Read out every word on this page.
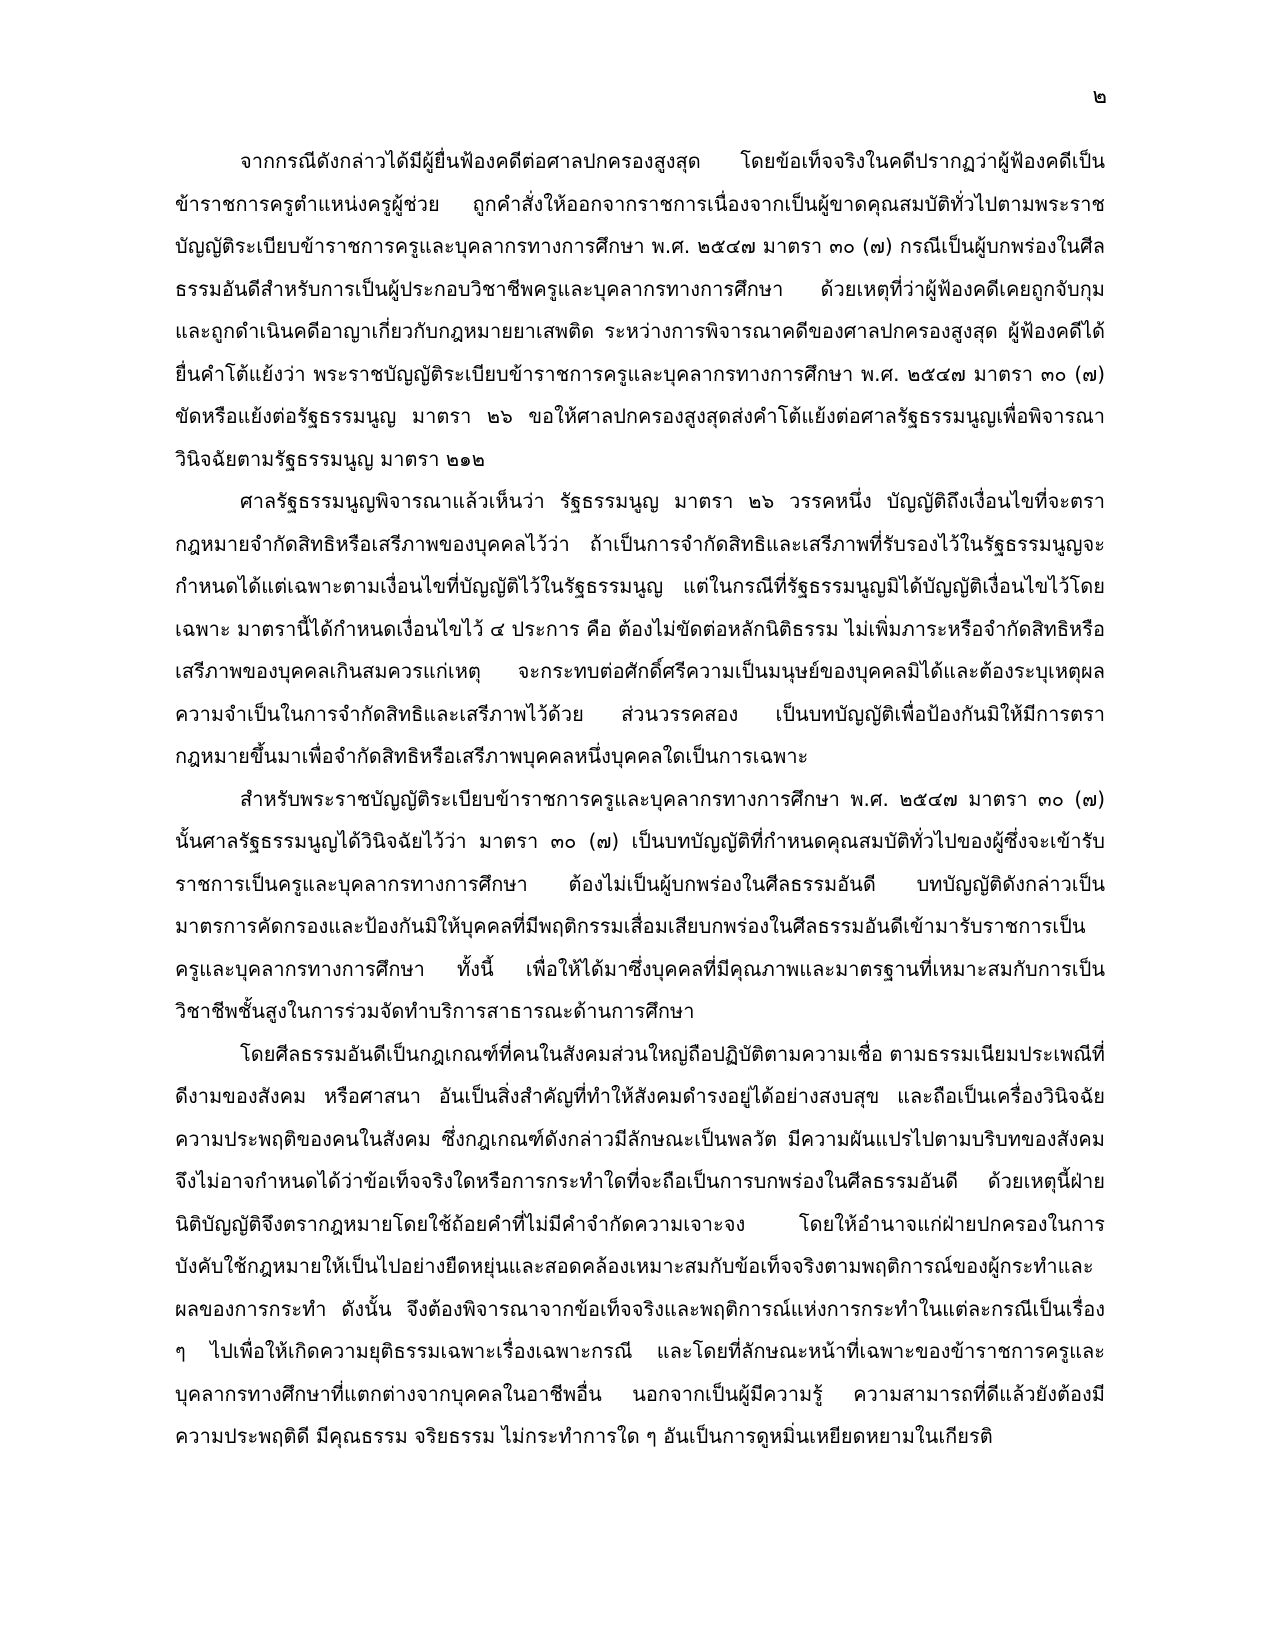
๒

จากกรณีดังกล่าวได้มีผู้ยื่นฟ้องคดีต่อศาลปกครองสูงสุด โดยข้อเท็จจริงในคดีปรากฏว่าผู้ฟ้องคดีเป็นข้าราชการครูตำแหน่งครูผู้ช่วย ถูกคำสั่งให้ออกจากราชการเนื่องจากเป็นผู้ขาดคุณสมบัติทั่วไปตามพระราชบัญญัติระเบียบข้าราชการครูและบุคลากรทางการศึกษา พ.ศ. ๒๕๔๗ มาตรา ๓๐ (๗) กรณีเป็นผู้บกพร่องในศีลธรรมอันดีสำหรับการเป็นผู้ประกอบวิชาชีพครูและบุคลากรทางการศึกษา ด้วยเหตุที่ว่าผู้ฟ้องคดีเคยถูกจับกุมและถูกดำเนินคดีอาญาเกี่ยวกับกฎหมายยาเสพติด ระหว่างการพิจารณาคดีของศาลปกครองสูงสุด ผู้ฟ้องคดีได้ยื่นคำโต้แย้งว่า พระราชบัญญัติระเบียบข้าราชการครูและบุคลากรทางการศึกษา พ.ศ. ๒๕๔๗ มาตรา ๓๐ (๗) ขัดหรือแย้งต่อรัฐธรรมนูญ มาตรา ๒๖ ขอให้ศาลปกครองสูงสุดส่งคำโต้แย้งต่อศาลรัฐธรรมนูญเพื่อพิจารณาวินิจฉัยตามรัฐธรรมนูญ มาตรา ๒๑๒

ศาลรัฐธรรมนูญพิจารณาแล้วเห็นว่า รัฐธรรมนูญ มาตรา ๒๖ วรรคหนึ่ง บัญญัติถึงเงื่อนไขที่จะตรากฎหมายจำกัดสิทธิหรือเสรีภาพของบุคคลไว้ว่า ถ้าเป็นการจำกัดสิทธิและเสรีภาพที่รับรองไว้ในรัฐธรรมนูญจะกำหนดได้แต่เฉพาะตามเงื่อนไขที่บัญญัติไว้ในรัฐธรรมนูญ แต่ในกรณีที่รัฐธรรมนูญมิได้บัญญัติเงื่อนไขไว้โดยเฉพาะ มาตรานี้ได้กำหนดเงื่อนไขไว้ ๔ ประการ คือ ต้องไม่ขัดต่อหลักนิติธรรม ไม่เพิ่มภาระหรือจำกัดสิทธิหรือเสรีภาพของบุคคลเกินสมควรแก่เหตุ จะกระทบต่อศักดิ์ศรีความเป็นมนุษย์ของบุคคลมิได้และต้องระบุเหตุผลความจำเป็นในการจำกัดสิทธิและเสรีภาพไว้ด้วย ส่วนวรรคสอง เป็นบทบัญญัติเพื่อป้องกันมิให้มีการตรากฎหมายขึ้นมาเพื่อจำกัดสิทธิหรือเสรีภาพบุคคลหนึ่งบุคคลใดเป็นการเฉพาะ

สำหรับพระราชบัญญัติระเบียบข้าราชการครูและบุคลากรทางการศึกษา พ.ศ. ๒๕๔๗ มาตรา ๓๐ (๗) นั้นศาลรัฐธรรมนูญได้วินิจฉัยไว้ว่า มาตรา ๓๐ (๗) เป็นบทบัญญัติที่กำหนดคุณสมบัติทั่วไปของผู้ซึ่งจะเข้ารับราชการเป็นครูและบุคลากรทางการศึกษา ต้องไม่เป็นผู้บกพร่องในศีลธรรมอันดี บทบัญญัติดังกล่าวเป็นมาตรการคัดกรองและป้องกันมิให้บุคคลที่มีพฤติกรรมเสื่อมเสียบกพร่องในศีลธรรมอันดีเข้ามารับราชการเป็นครูและบุคลากรทางการศึกษา ทั้งนี้ เพื่อให้ได้มาซึ่งบุคคลที่มีคุณภาพและมาตรฐานที่เหมาะสมกับการเป็นวิชาชีพชั้นสูงในการร่วมจัดทำบริการสาธารณะด้านการศึกษา

โดยศีลธรรมอันดีเป็นกฎเกณฑ์ที่คนในสังคมส่วนใหญ่ถือปฏิบัติตามความเชื่อ ตามธรรมเนียมประเพณีที่ดีงามของสังคม หรือศาสนา อันเป็นสิ่งสำคัญที่ทำให้สังคมดำรงอยู่ได้อย่างสงบสุข และถือเป็นเครื่องวินิจฉัยความประพฤติของคนในสังคม ซึ่งกฎเกณฑ์ดังกล่าวมีลักษณะเป็นพลวัต มีความผันแปรไปตามบริบทของสังคมจึงไม่อาจกำหนดได้ว่าข้อเท็จจริงใดหรือการกระทำใดที่จะถือเป็นการบกพร่องในศีลธรรมอันดี ด้วยเหตุนี้ฝ่ายนิติบัญญัติจึงตรากฎหมายโดยใช้ถ้อยคำที่ไม่มีคำจำกัดความเจาะจง โดยให้อำนาจแก่ฝ่ายปกครองในการบังคับใช้กฎหมายให้เป็นไปอย่างยืดหยุ่นและสอดคล้องเหมาะสมกับข้อเท็จจริงตามพฤติการณ์ของผู้กระทำและผลของการกระทำ ดังนั้น จึงต้องพิจารณาจากข้อเท็จจริงและพฤติการณ์แห่งการกระทำในแต่ละกรณีเป็นเรื่อง ๆ ไปเพื่อให้เกิดความยุติธรรมเฉพาะเรื่องเฉพาะกรณี และโดยที่ลักษณะหน้าที่เฉพาะของข้าราชการครูและบุคลากรทางศึกษาที่แตกต่างจากบุคคลในอาชีพอื่น นอกจากเป็นผู้มีความรู้ ความสามารถที่ดีแล้วยังต้องมีความประพฤติดี มีคุณธรรม จริยธรรม ไม่กระทำการใด ๆ อันเป็นการดูหมิ่นเหยียดหยามในเกียรติ
